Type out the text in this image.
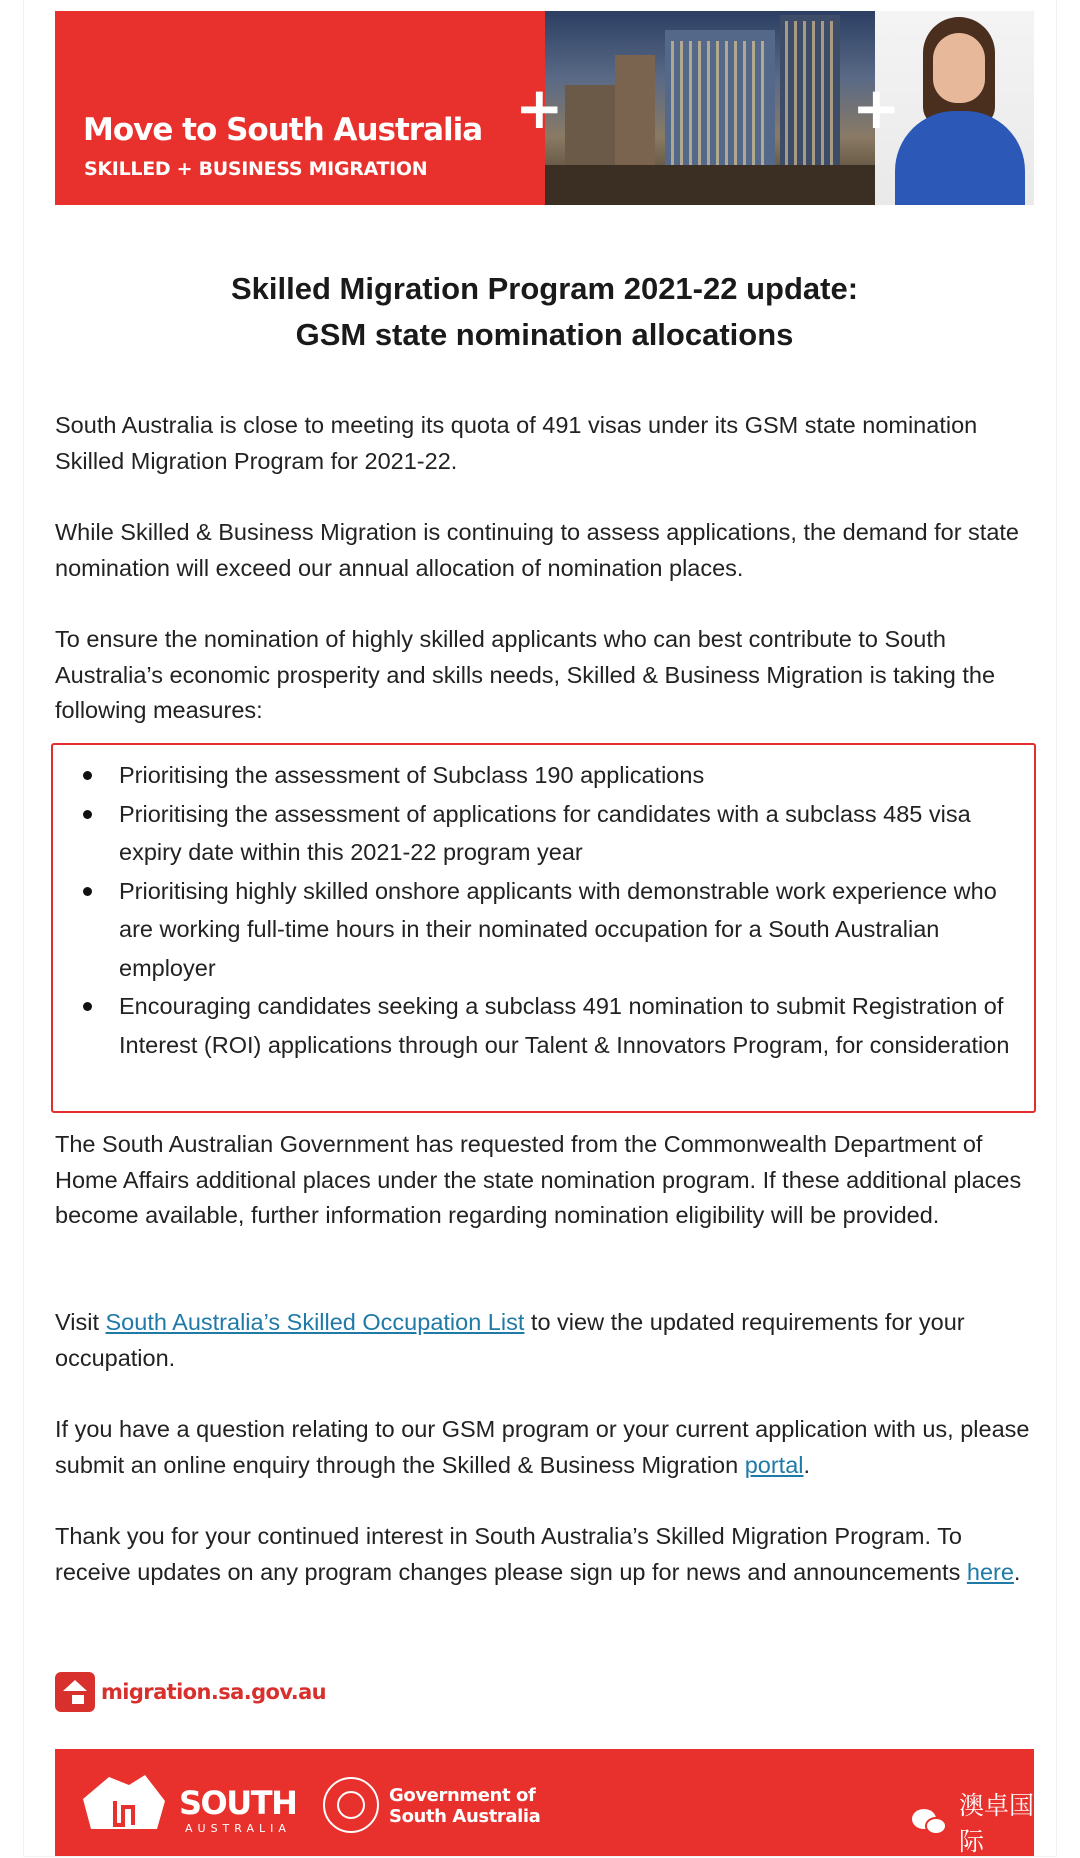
+	+
Move to South Australia
SKILLED + BUSINESS MIGRATION
Skilled Migration Program 2021-22 update:
GSM state nomination allocations

South Australia is close to meeting its quota of 491 visas under its GSM state nomination Skilled Migration Program for 2021-22.

While Skilled & Business Migration is continuing to assess applications, the demand for state nomination will exceed our annual allocation of nomination places.

To ensure the nomination of highly skilled applicants who can best contribute to South Australia’s economic prosperity and skills needs, Skilled & Business Migration is taking the following measures:

Prioritising the assessment of Subclass 190 applications
Prioritising the assessment of applications for candidates with a subclass 485 visa expiry date within this 2021-22 program year
Prioritising highly skilled onshore applicants with demonstrable work experience who are working full-time hours in their nominated occupation for a South Australian employer
Encouraging candidates seeking a subclass 491 nomination to submit Registration of Interest (ROI) applications through our Talent & Innovators Program, for consideration

The South Australian Government has requested from the Commonwealth Department of Home Affairs additional places under the state nomination program. If these additional places become available, further information regarding nomination eligibility will be provided.

Visit South Australia’s Skilled Occupation List to view the updated requirements for your occupation.

If you have a question relating to our GSM program or your current application with us, please submit an online enquiry through the Skilled & Business Migration portal.

Thank you for your continued interest in South Australia’s Skilled Migration Program. To receive updates on any program changes please sign up for news and announcements here.

migration.sa.gov.au
SOUTH
AUSTRALIA
Government of
South Australia	澳卓国际
